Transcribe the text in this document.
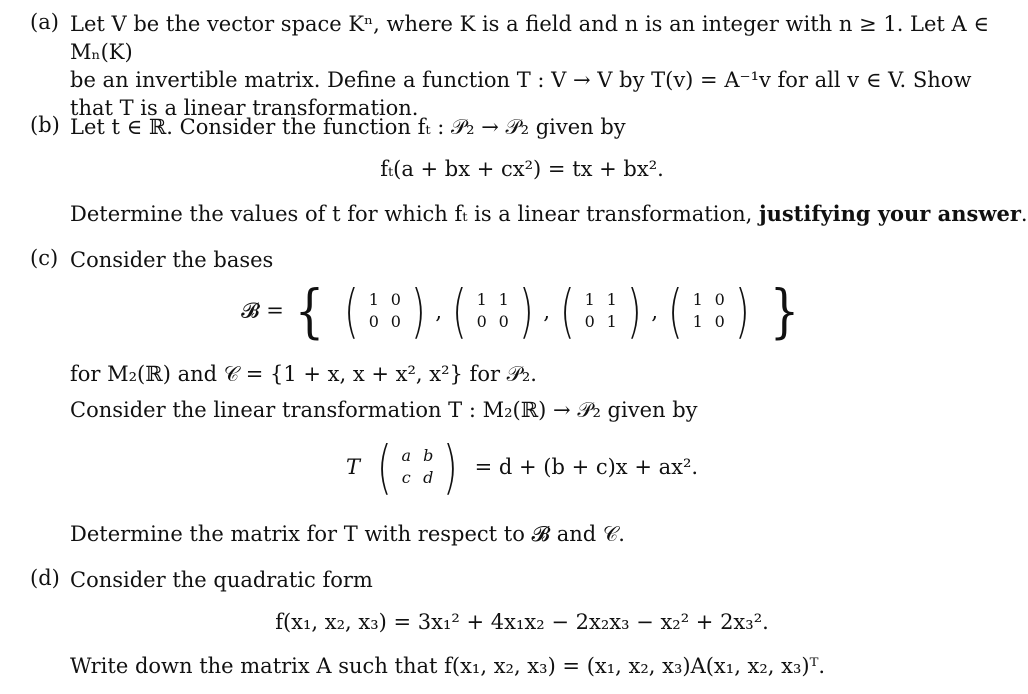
(a) Let V be the vector space Kⁿ, where K is a field and n is an integer with n ≥ 1. Let A ∈ Mₙ(K)
be an invertible matrix. Define a function T : V → V by T(v) = A⁻¹v for all v ∈ V. Show
that T is a linear transformation.
(b) Let t ∈ ℝ. Consider the function fₜ : 𝒫₂ → 𝒫₂ given by
fₜ(a + bx + cx²) = tx + bx².
Determine the values of t for which fₜ is a linear transformation, justifying your answer.
(c) Consider the bases
𝓑 = { ( 1 0
0 0 ) , ( 1 1
0 0 ) , ( 1 1
0 1 ) , ( 1 0
1 0 ) }
for M₂(ℝ) and 𝒞 = {1 + x, x + x², x²} for 𝒫₂.
Consider the linear transformation T : M₂(ℝ) → 𝒫₂ given by
T ( a b
c d ) = d + (b + c)x + ax².
Determine the matrix for T with respect to 𝓑 and 𝒞.
(d) Consider the quadratic form
f(x₁, x₂, x₃) = 3x₁² + 4x₁x₂ − 2x₂x₃ − x₂² + 2x₃².
Write down the matrix A such that f(x₁, x₂, x₃) = (x₁, x₂, x₃)A(x₁, x₂, x₃)ᵀ.
